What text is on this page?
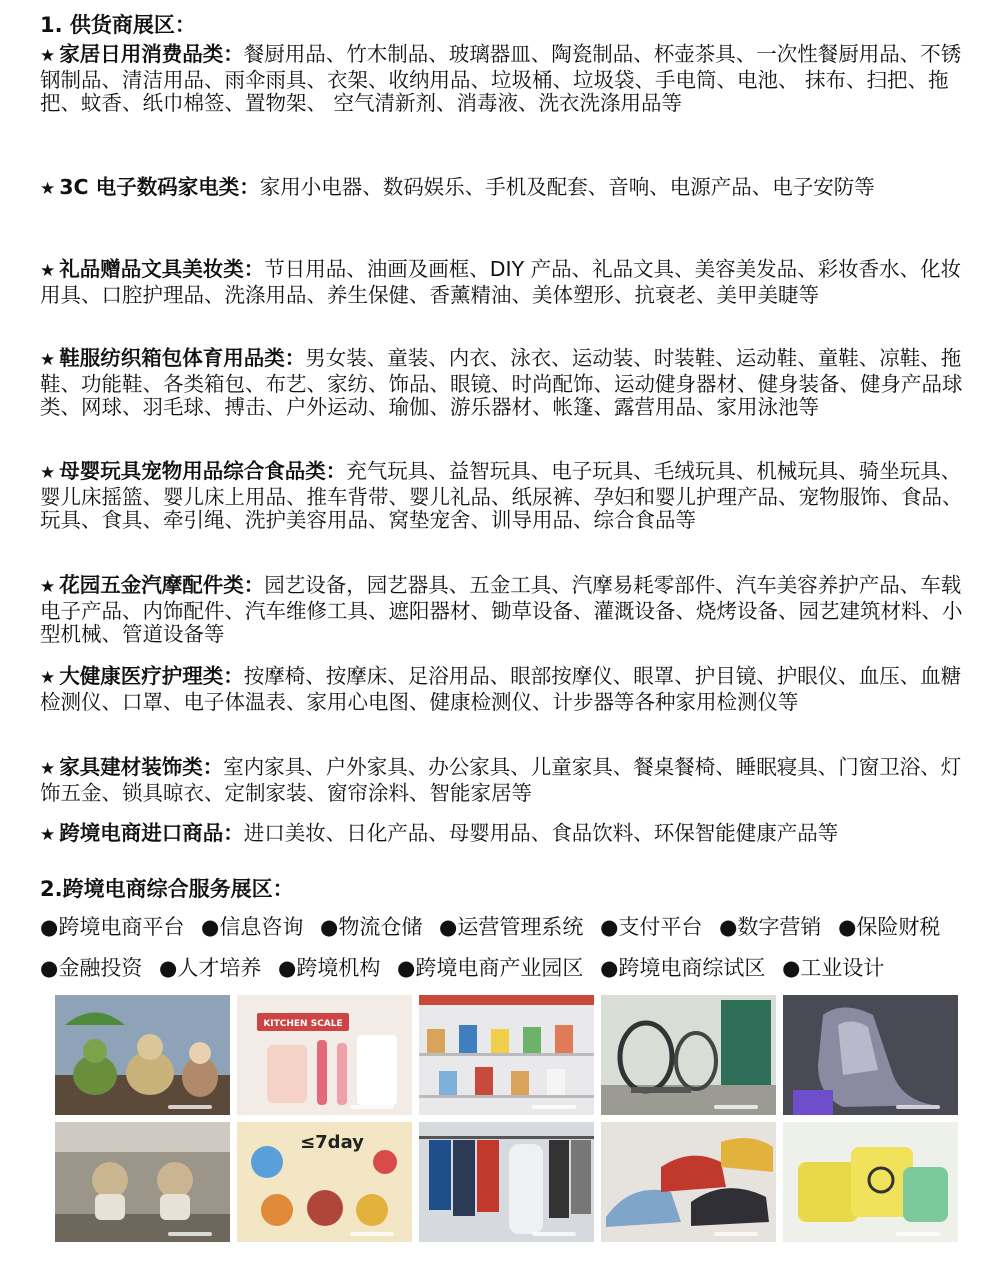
1. 供货商展区：
★ 家居日用消费品类：餐厨用品、竹木制品、玻璃器皿、陶瓷制品、杯壶茶具、一次性餐厨用品、不锈钢制品、清洁用品、雨伞雨具、衣架、收纳用品、垃圾桶、垃圾袋、手电筒、电池、 抹布、扫把、拖把、蚊香、纸巾棉签、置物架、 空气清新剂、消毒液、洗衣洗涤用品等
★ 3C 电子数码家电类：家用小电器、数码娱乐、手机及配套、音响、电源产品、电子安防等
★ 礼品赠品文具美妆类：节日用品、油画及画框、DIY 产品、礼品文具、美容美发品、彩妆香水、化妆用具、口腔护理品、洗涤用品、养生保健、香薰精油、美体塑形、抗衰老、美甲美睫等
★ 鞋服纺织箱包体育用品类：男女装、童装、内衣、泳衣、运动装、时装鞋、运动鞋、童鞋、凉鞋、拖鞋、功能鞋、各类箱包、布艺、家纺、饰品、眼镜、时尚配饰、运动健身器材、健身装备、健身产品球类、网球、羽毛球、搏击、户外运动、瑜伽、游乐器材、帐篷、露营用品、家用泳池等
★ 母婴玩具宠物用品综合食品类：充气玩具、益智玩具、电子玩具、毛绒玩具、机械玩具、骑坐玩具、婴儿床摇篮、婴儿床上用品、推车背带、婴儿礼品、纸尿裤、孕妇和婴儿护理产品、宠物服饰、食品、玩具、食具、牵引绳、洗护美容用品、窝垫宠舍、训导用品、综合食品等
★ 花园五金汽摩配件类：园艺设备，园艺器具、五金工具、汽摩易耗零部件、汽车美容养护产品、车载电子产品、内饰配件、汽车维修工具、遮阳器材、锄草设备、灌溉设备、烧烤设备、园艺建筑材料、小型机械、管道设备等
★ 大健康医疗护理类：按摩椅、按摩床、足浴用品、眼部按摩仪、眼罩、护目镜、护眼仪、血压、血糖检测仪、口罩、电子体温表、家用心电图、健康检测仪、计步器等各种家用检测仪等
★ 家具建材装饰类：室内家具、户外家具、办公家具、儿童家具、餐桌餐椅、睡眠寝具、门窗卫浴、灯饰五金、锁具晾衣、定制家装、窗帘涂料、智能家居等
★ 跨境电商进口商品：进口美妆、日化产品、母婴用品、食品饮料、环保智能健康产品等
2.跨境电商综合服务展区：
●跨境电商平台 ●信息咨询 ●物流仓储 ●运营管理系统 ●支付平台 ●数字营销 ●保险财税 ●金融投资 ●人才培养 ●跨境机构 ●跨境电商产业园区 ●跨境电商综试区 ●工业设计
KITCHEN SCALE
≤7day
